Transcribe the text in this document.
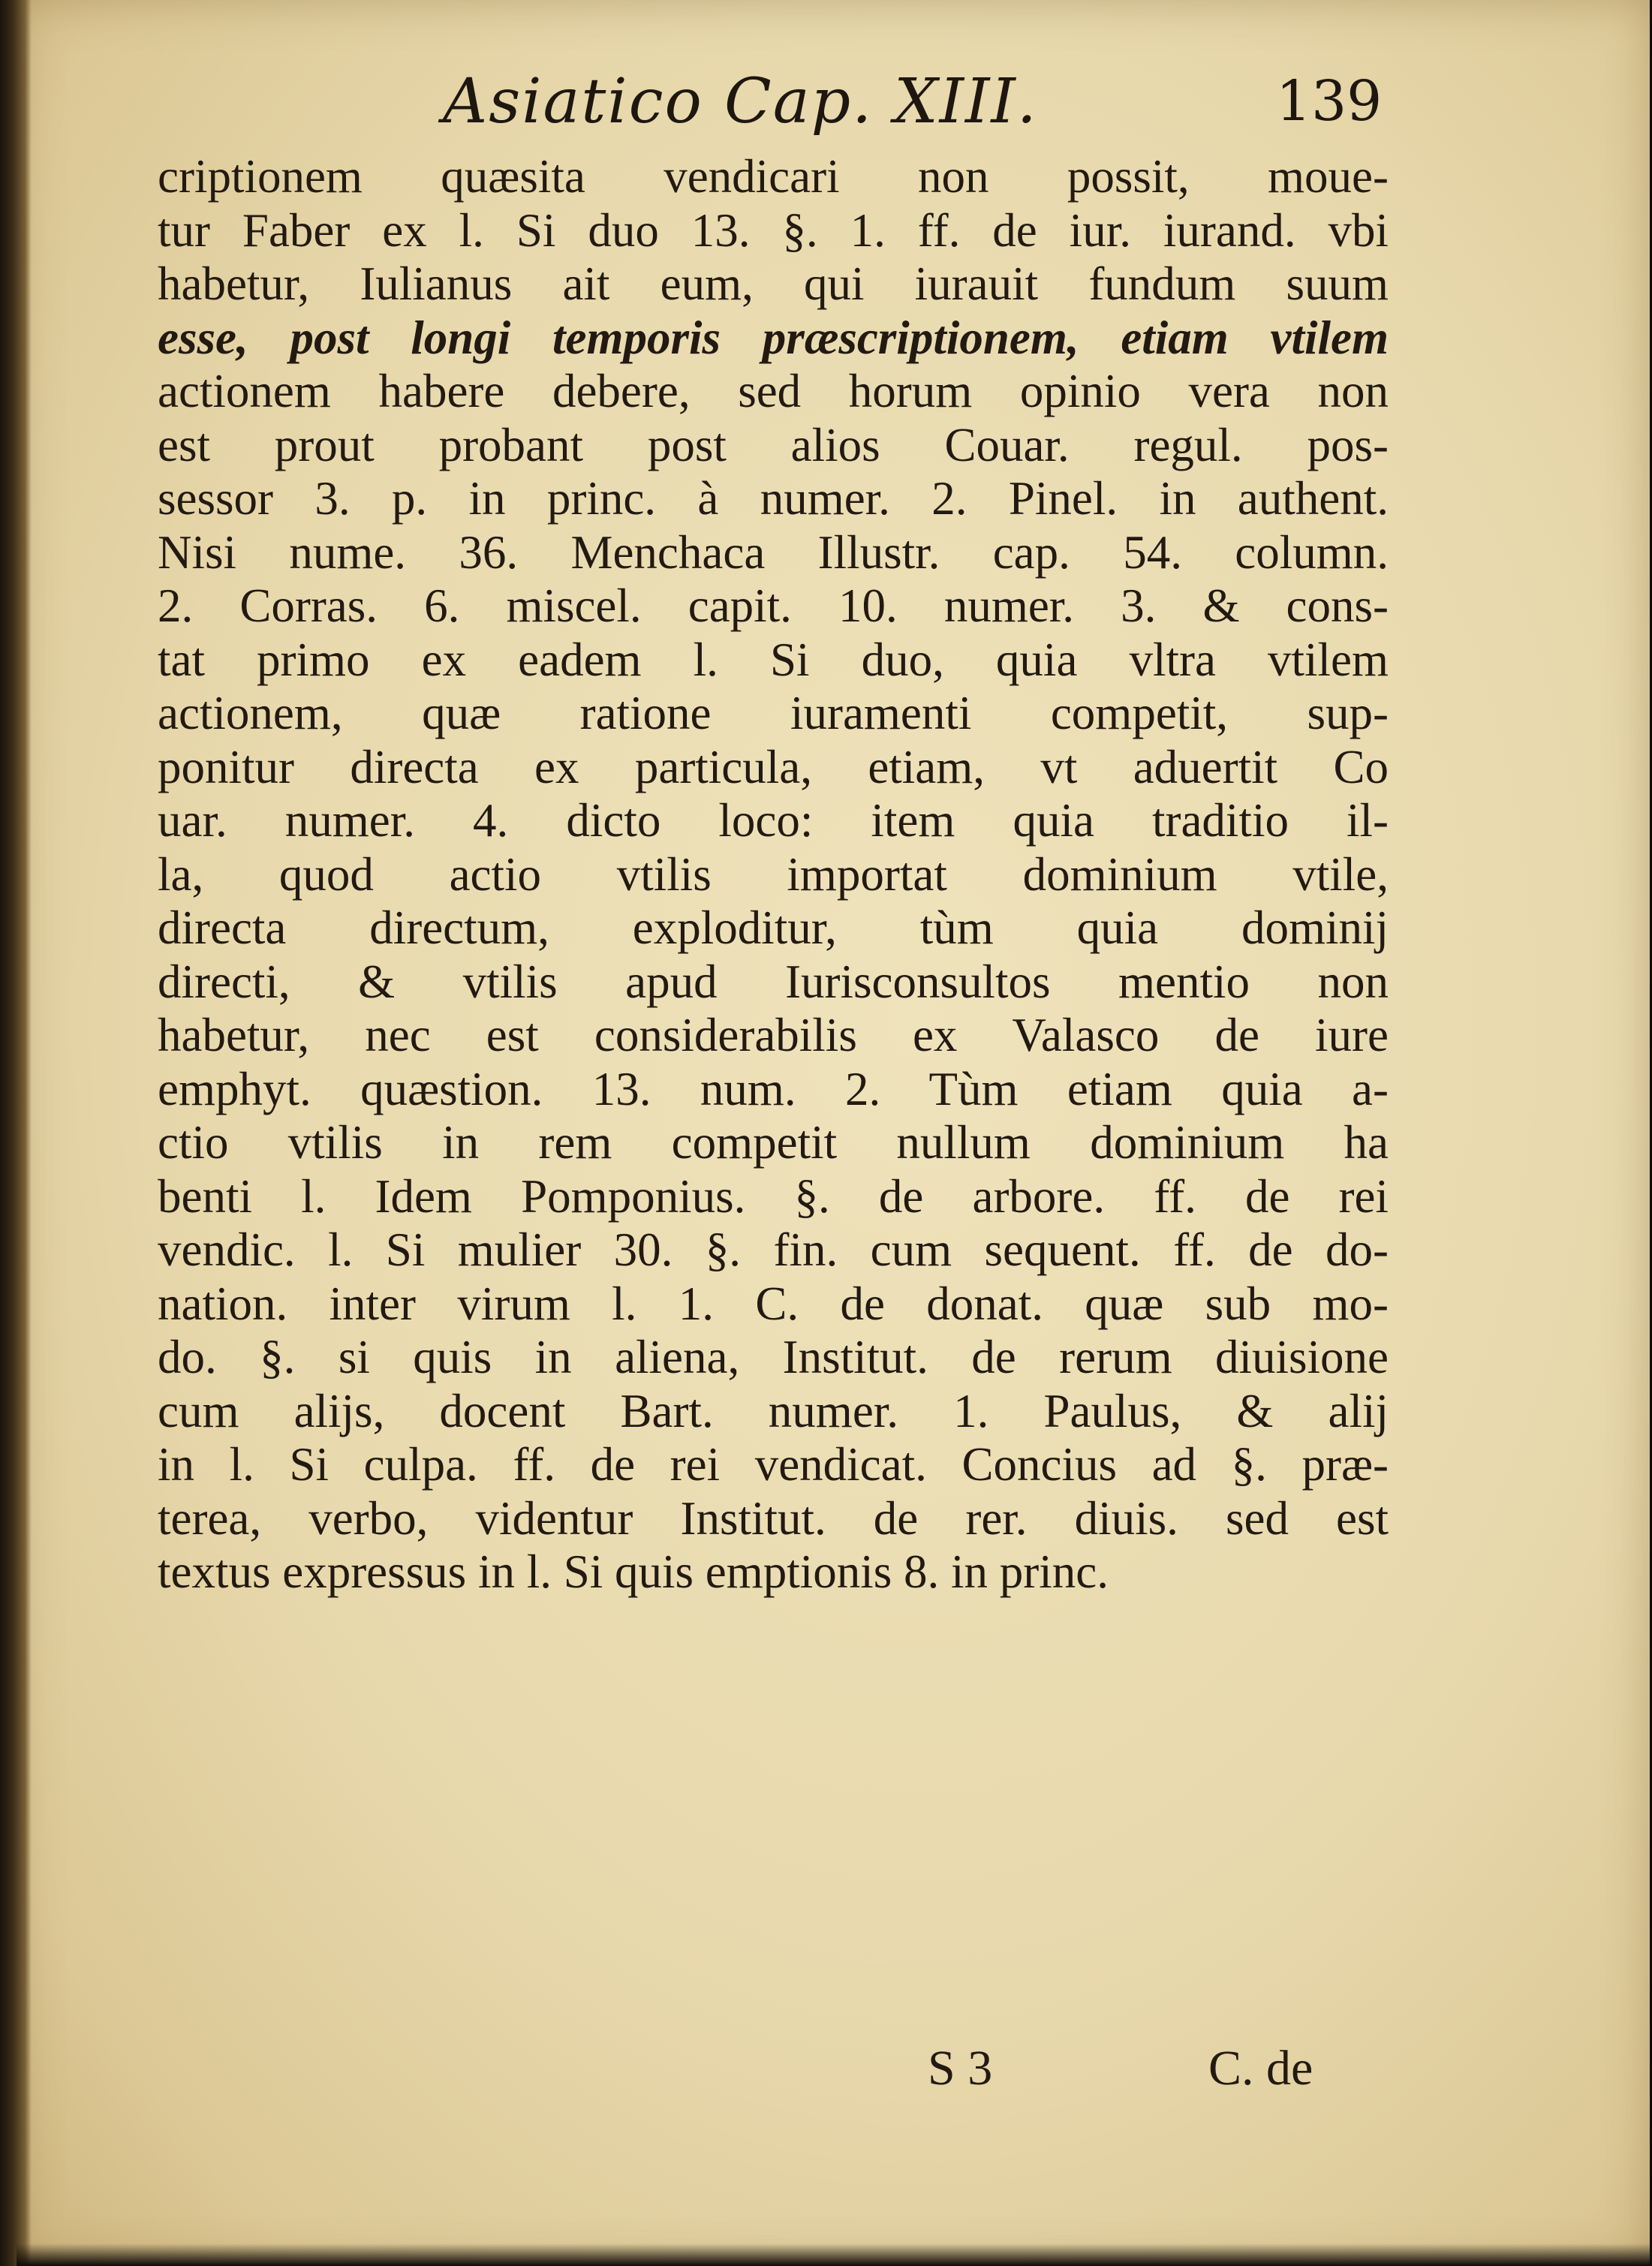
Asiatico Cap. XIII.	139
criptionem quæsita vendicari non possit, moue-
tur Faber ex l. Si duo 13. §. 1. ff. de iur. iurand. vbi
habetur, Iulianus ait eum, qui iurauit fundum suum
esse, post longi temporis præscriptionem, etiam vtilem
actionem habere debere, sed horum opinio vera non
est prout probant post alios Couar. regul. pos-
sessor 3. p. in princ. à numer. 2. Pinel. in authent.
Nisi nume. 36. Menchaca Illustr. cap. 54. column.
2. Corras. 6. miscel. capit. 10. numer. 3. & cons-
tat primo ex eadem l. Si duo, quia vltra vtilem
actionem, quæ ratione iuramenti competit, sup-
ponitur directa ex particula, etiam, vt aduertit Co
uar. numer. 4. dicto loco: item quia traditio il-
la, quod actio vtilis importat dominium vtile,
directa directum, exploditur, tùm quia dominij
directi, & vtilis apud Iurisconsultos mentio non
habetur, nec est considerabilis ex Valasco de iure
emphyt. quæstion. 13. num. 2. Tùm etiam quia a-
ctio vtilis in rem competit nullum dominium ha
benti l. Idem Pomponius. §. de arbore. ff. de rei
vendic. l. Si mulier 30. §. fin. cum sequent. ff. de do-
nation. inter virum l. 1. C. de donat. quæ sub mo-
do. §. si quis in aliena, Institut. de rerum diuisione
cum alijs, docent Bart. numer. 1. Paulus, & alij
in l. Si culpa. ff. de rei vendicat. Concius ad §. præ-
terea, verbo, videntur Institut. de rer. diuis. sed est
textus expressus in l. Si quis emptionis 8. in princ.
S 3	C. de
